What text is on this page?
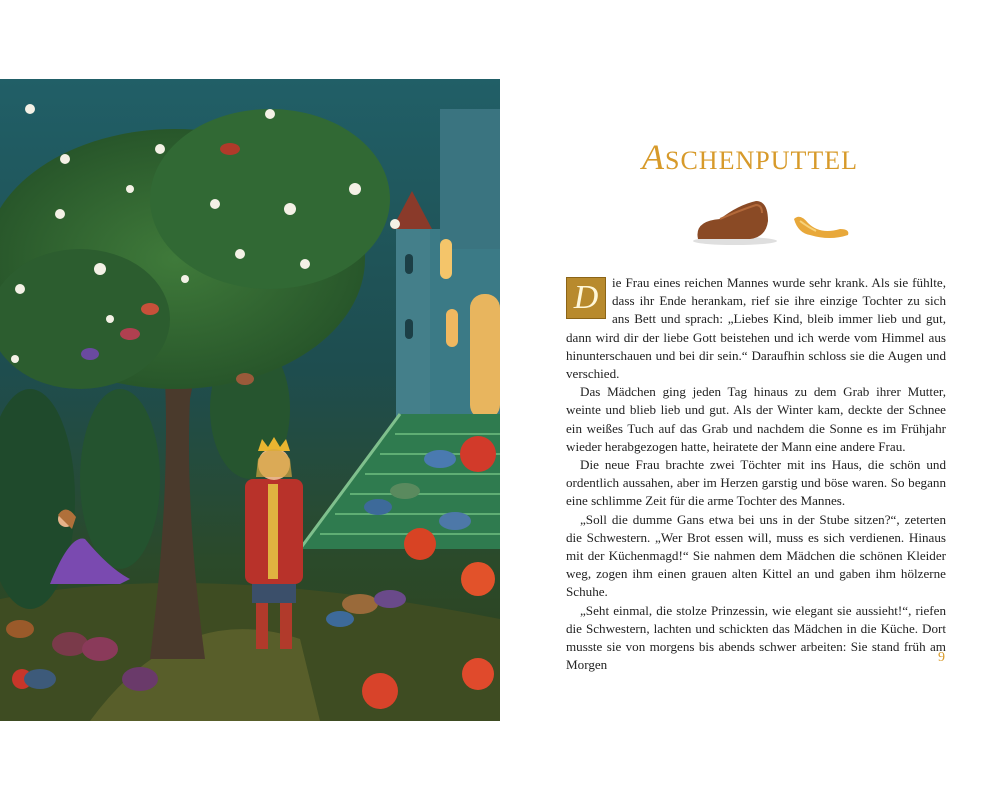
ASCHENPUTTEL

D	ie Frau eines reichen Mannes wurde sehr krank. Als sie fühlte, dass ihr Ende herankam, rief sie ihre einzige Tochter zu sich ans Bett und sprach: „Liebes Kind, bleib immer lieb und gut, dann wird dir der liebe Gott beistehen und ich werde vom Himmel aus hinunterschauen und bei dir sein.“ Daraufhin schloss sie die Augen und verschied.

Das Mädchen ging jeden Tag hinaus zu dem Grab ihrer Mutter, weinte und blieb lieb und gut. Als der Winter kam, deckte der Schnee ein weißes Tuch auf das Grab und nachdem die Sonne es im Frühjahr wieder herabgezogen hatte, heiratete der Mann eine andere Frau.

Die neue Frau brachte zwei Töchter mit ins Haus, die schön und ordentlich aussahen, aber im Herzen garstig und böse waren. So begann eine schlimme Zeit für die arme Tochter des Mannes.

„Soll die dumme Gans etwa bei uns in der Stube sitzen?“, zeterten die Schwestern. „Wer Brot essen will, muss es sich verdienen. Hinaus mit der Küchenmagd!“ Sie nahmen dem Mädchen die schönen Kleider weg, zogen ihm einen grauen alten Kittel an und gaben ihm hölzerne Schuhe.

„Seht einmal, die stolze Prinzessin, wie elegant sie aussieht!“, riefen die Schwestern, lachten und schickten das Mädchen in die Küche. Dort musste sie von morgens bis abends schwer arbeiten: Sie stand früh am Morgen	9
